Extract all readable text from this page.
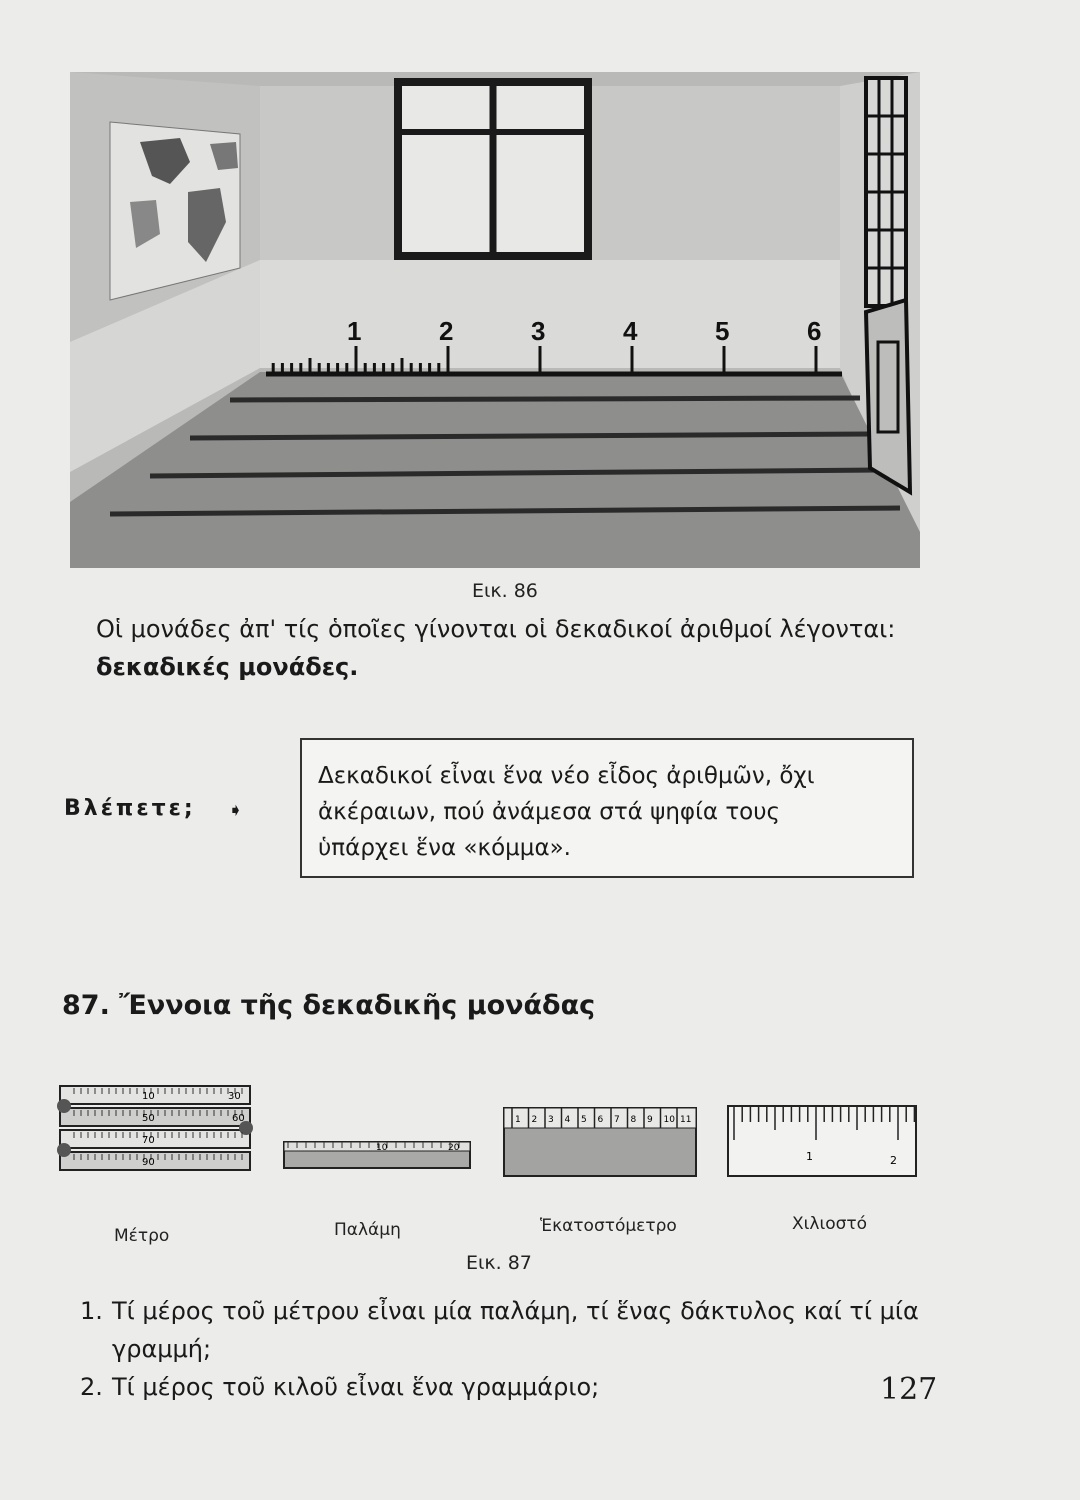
1	2	3	4	5	6
Εικ. 86

Οἱ μονάδες ἀπ' τίς ὁποῖες γίνονται οἱ δεκαδικοί ἀριθμοί λέγονται: δεκαδικές μονάδες.

Βλέπετε; ➧

Δεκαδικοί εἶναι ἕνα νέο εἶδος ἀριθμῶν, ὄχι

ἀκέραιων, πού ἀνάμεσα στά ψηφία τους

ὑπάρχει ἕνα «κόμμα».

87. Ἔννοια τῆς δεκαδικῆς μονάδας
10	30
50	60
70
90
10	20
1 2 3 4 5 6 7 8 9 10 11
1	2
Μέτρο	Παλάμη	Ἑκατοστόμετρο	Χιλιοστό
Εικ. 87
1. Τί μέρος τοῦ μέτρου εἶναι μία παλάμη, τί ἕνας δάκτυλος καί τί μία γραμμή;
2. Τί μέρος τοῦ κιλοῦ εἶναι ἕνα γραμμάριο;	127
